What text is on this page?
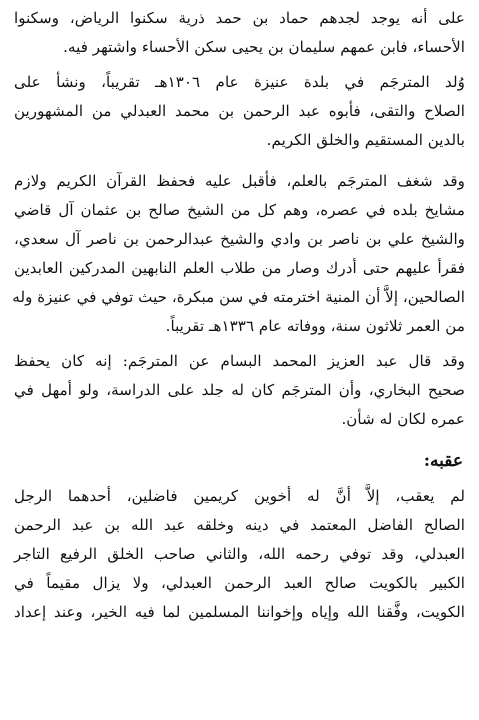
على أنه يوجد لجدهم حماد بن حمد ذرية سكنوا الرياض، وسكنوا
الأحساء، فابن عمهم سليمان بن يحيى سكن الأحساء واشتهر فيه.

وُلد المترجَم في بلدة عنيزة عام ١٣٠٦هـ تقريباً، ونشأ على
الصلاح والتقى، فأبوه عبد الرحمن بن محمد العبدلي من المشهورين
بالدين المستقيم والخلق الكريم.

وقد شغف المترجَم بالعلم، فأقبل عليه فحفظ القرآن الكريم ولازم
مشايخ بلده في عصره، وهم كل من الشيخ صالح بن عثمان آل قاضي
والشيخ علي بن ناصر بن وادي والشيخ عبدالرحمن بن ناصر آل سعدي،
فقرأ عليهم حتى أدرك وصار من طلاب العلم النابهين المدركين العابدين
الصالحين، إلاَّ أن المنية اخترمته في سن مبكرة، حيث توفي في عنيزة وله
من العمر ثلاثون سنة، ووفاته عام ١٣٣٦هـ تقريباً.

وقد قال عبد العزيز المحمد البسام عن المترجَم: إنه كان يحفظ
صحيح البخاري، وأن المترجَم كان له جلد على الدراسة، ولو أمهل في
عمره لكان له شأن.

عقبه:

لم يعقب، إلاَّ أنَّ له أخوين كريمين فاضلين، أحدهما الرجل
الصالح الفاضل المعتمد في دينه وخلقه عبد الله بن عبد الرحمن
العبدلي، وقد توفي رحمه الله، والثاني صاحب الخلق الرفيع التاجر
الكبير بالكويت صالح العبد الرحمن العبدلي، ولا يزال مقيماً في
الكويت، وفَّقنا الله وإياه وإخواننا المسلمين لما فيه الخير، وعند إعداد
